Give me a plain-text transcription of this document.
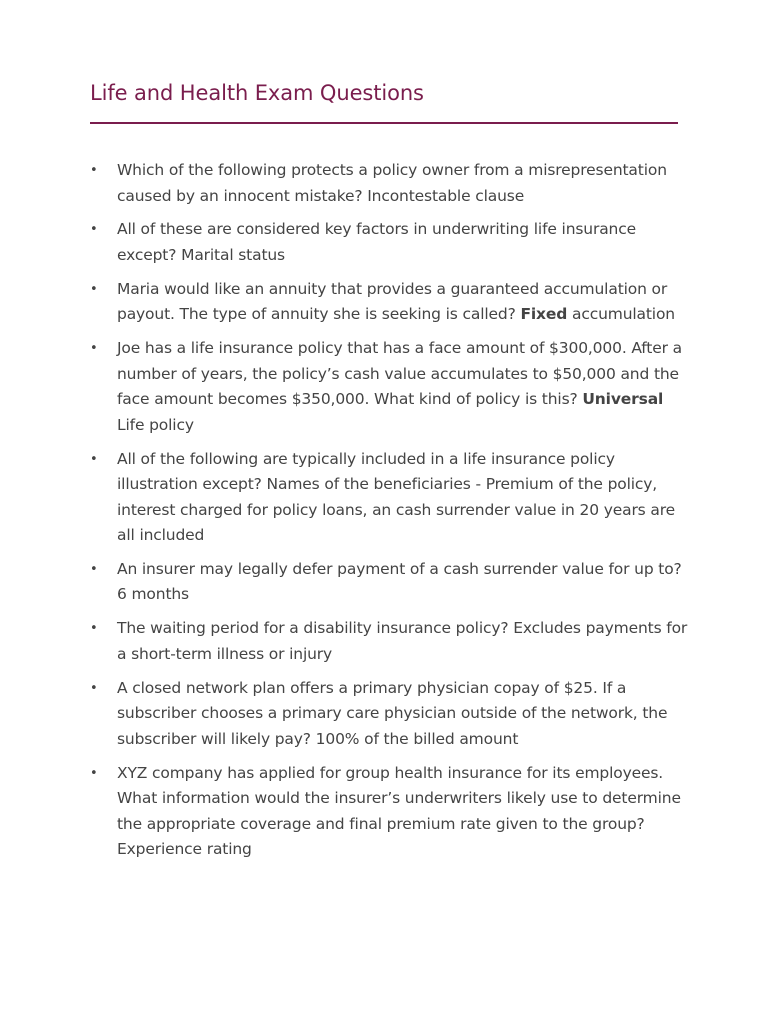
Life and Health Exam Questions
• Which of the following protects a policy owner from a misrepresentation caused by an innocent mistake? Incontestable clause
• All of these are considered key factors in underwriting life insurance except? Marital status
• Maria would like an annuity that provides a guaranteed accumulation or payout. The type of annuity she is seeking is called? Fixed accumulation
• Joe has a life insurance policy that has a face amount of $300,000. After a number of years, the policy’s cash value accumulates to $50,000 and the face amount becomes $350,000. What kind of policy is this? Universal Life policy
• All of the following are typically included in a life insurance policy illustration except? Names of the beneficiaries - Premium of the policy, interest charged for policy loans, an cash surrender value in 20 years are all included
• An insurer may legally defer payment of a cash surrender value for up to? 6 months
• The waiting period for a disability insurance policy? Excludes payments for a short-term illness or injury
• A closed network plan offers a primary physician copay of $25. If a subscriber chooses a primary care physician outside of the network, the subscriber will likely pay? 100% of the billed amount
• XYZ company has applied for group health insurance for its employees. What information would the insurer’s underwriters likely use to determine the appropriate coverage and final premium rate given to the group? Experience rating
